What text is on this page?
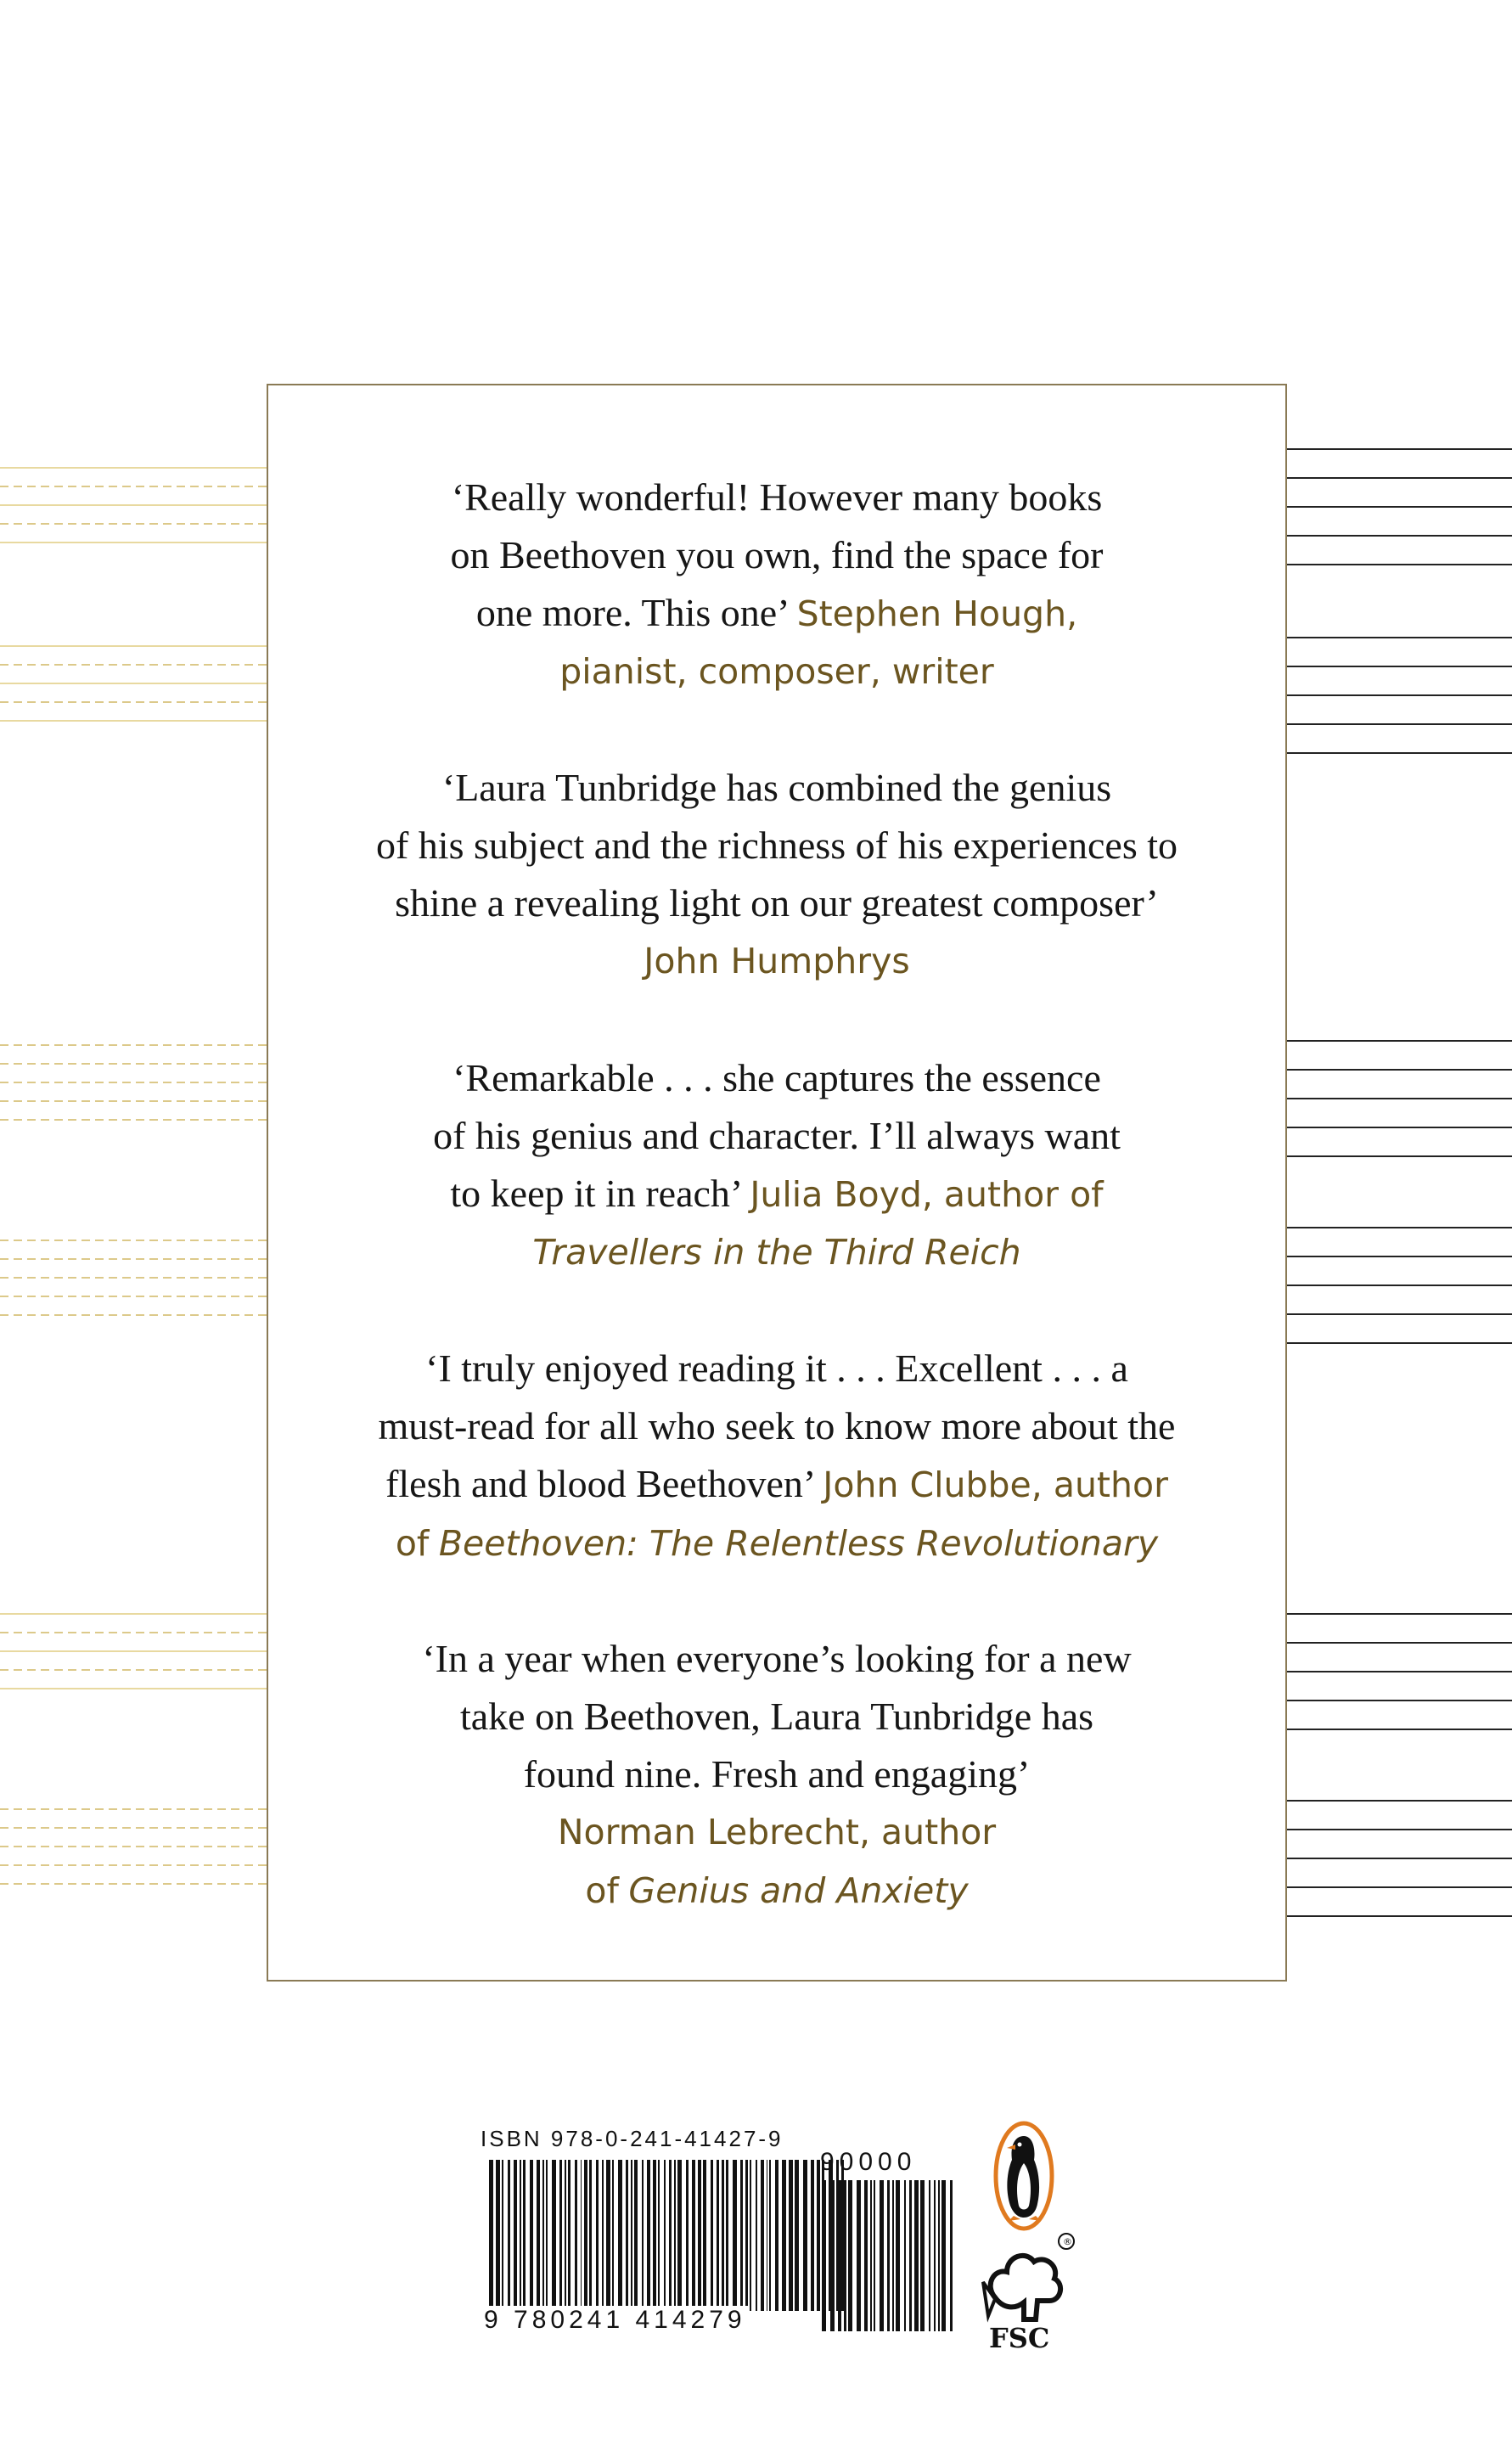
‘Really wonderful! However many books
on Beethoven you own, find the space for
one more. This one’ Stephen Hough,
pianist, composer, writer
‘Laura Tunbridge has combined the genius
of his subject and the richness of his experiences to
shine a revealing light on our greatest composer’
John Humphrys
‘Remarkable . . . she captures the essence
of his genius and character. I’ll always want
to keep it in reach’ Julia Boyd, author of
Travellers in the Third Reich
‘I truly enjoyed reading it . . . Excellent . . . a
must-read for all who seek to know more about the
flesh and blood Beethoven’ John Clubbe, author
of Beethoven: The Relentless Revolutionary
‘In a year when everyone’s looking for a new
take on Beethoven, Laura Tunbridge has
found nine. Fresh and engaging’
Norman Lebrecht, author
of Genius and Anxiety
ISBN 978-0-241-41427-9
9 780241 414279
90000
®
FSC
